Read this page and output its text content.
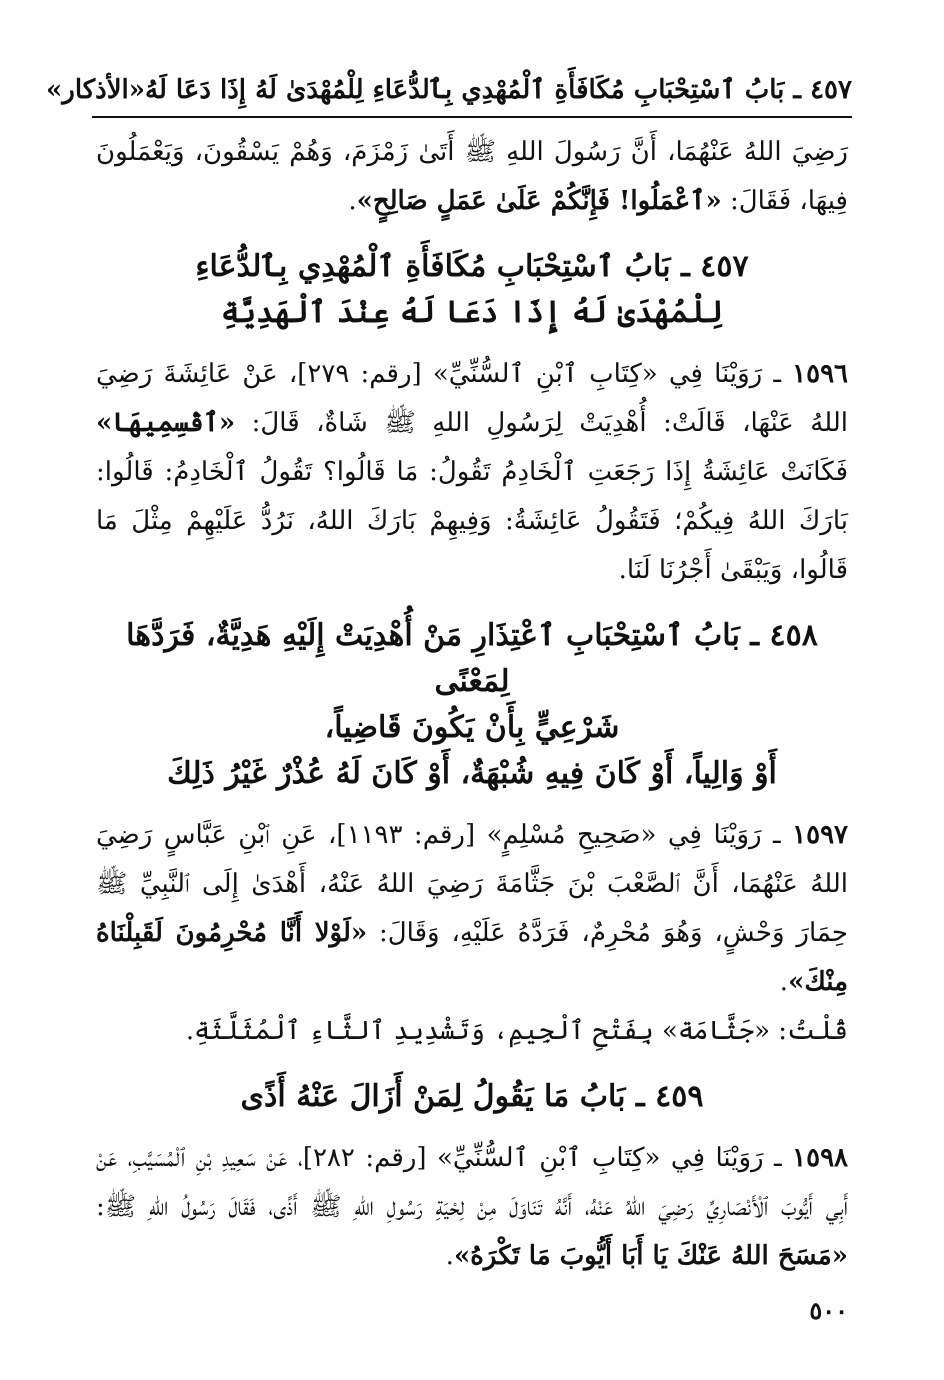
٤٥٧ ـ بَابُ ٱسْتِحْبَابِ مُكَافَأَةِ ٱلْمُهْدِي بِٱلدُّعَاءِ لِلْمُهْدَىٰ لَهُ إِذَا دَعَا لَهُ
«الأذكار»

رَضِيَ اللهُ عَنْهُمَا، أَنَّ رَسُولَ اللهِ ﷺ أَتَىٰ زَمْزَمَ، وَهُمْ يَسْقُونَ، وَيَعْمَلُونَ فِيهَا، فَقَالَ: «ٱعْمَلُوا! فَإِنَّكُمْ عَلَىٰ عَمَلٍ صَالِحٍ».

٤٥٧ ـ بَابُ ٱسْتِحْبَابِ مُكَافَأَةِ ٱلْمُهْدِي بِٱلدُّعَاءِ
لِلْمُهْدَىٰ لَهُ إِذَا دَعَا لَهُ عِنْدَ ٱلْهَدِيَّةِ

١٥٩٦ ـ رَوَيْنَا فِي «كِتَابِ ٱبْنِ ٱلسُّنِّيِّ» [رقم: ٢٧٩]، عَنْ عَائِشَةَ رَضِيَ اللهُ عَنْهَا، قَالَتْ: أُهْدِيَتْ لِرَسُولِ اللهِ ﷺ شَاةٌ، قَالَ: «ٱقْسِمِيهَا» فَكَانَتْ عَائِشَةُ إِذَا رَجَعَتِ ٱلْخَادِمُ تَقُولُ: مَا قَالُوا؟ تَقُولُ ٱلْخَادِمُ: قَالُوا: بَارَكَ اللهُ فِيكُمْ؛ فَتَقُولُ عَائِشَةُ: وَفِيهِمْ بَارَكَ اللهُ، نَرُدُّ عَلَيْهِمْ مِثْلَ مَا قَالُوا، وَيَبْقَىٰ أَجْرُنَا لَنَا.

٤٥٨ ـ بَابُ ٱسْتِحْبَابِ ٱعْتِذَارِ مَنْ أُهْدِيَتْ إِلَيْهِ هَدِيَّةٌ، فَرَدَّهَا لِمَعْنًى
شَرْعِيٍّ بِأَنْ يَكُونَ قَاضِياً،
أَوْ وَالِياً، أَوْ كَانَ فِيهِ شُبْهَةٌ، أَوْ كَانَ لَهُ عُذْرٌ غَيْرُ ذَلِكَ

١٥٩٧ ـ رَوَيْنَا فِي «صَحِيحِ مُسْلِمٍ» [رقم: ١١٩٣]، عَنِ ٱبْنِ عَبَّاسٍ رَضِيَ اللهُ عَنْهُمَا، أَنَّ ٱلصَّعْبَ بْنَ جَثَّامَةَ رَضِيَ اللهُ عَنْهُ، أَهْدَىٰ إِلَى ٱلنَّبِيِّ ﷺ حِمَارَ وَحْشٍ، وَهُوَ مُحْرِمٌ، فَرَدَّهُ عَلَيْهِ، وَقَالَ: «لَوْلا أَنَّا مُحْرِمُونَ لَقَبِلْنَاهُ مِنْكَ».

قُلْتُ: «جَثَّامَة» بِفَتْحِ ٱلْجِيمِ، وَتَشْدِيدِ ٱلثَّاءِ ٱلْمُثَلَّثَةِ.

٤٥٩ ـ بَابُ مَا يَقُولُ لِمَنْ أَزَالَ عَنْهُ أَذًى

١٥٩٨ ـ رَوَيْنَا فِي «كِتَابِ ٱبْنِ ٱلسُّنِّيِّ» [رقم: ٢٨٢]، عَنْ سَعِيدِ بْنِ ٱلْمُسَيَّبِ، عَنْ أَبِي أَيُّوبَ ٱلْأَنْصَارِيِّ رَضِيَ اللهُ عَنْهُ، أَنَّهُ تَنَاوَلَ مِنْ لِحْيَةِ رَسُولِ اللهِ ﷺ أَذًى، فَقَالَ رَسُولُ اللهِ ﷺ: «مَسَحَ اللهُ عَنْكَ يَا أَبَا أَيُّوبَ مَا تَكْرَهُ».

٥٠٠
